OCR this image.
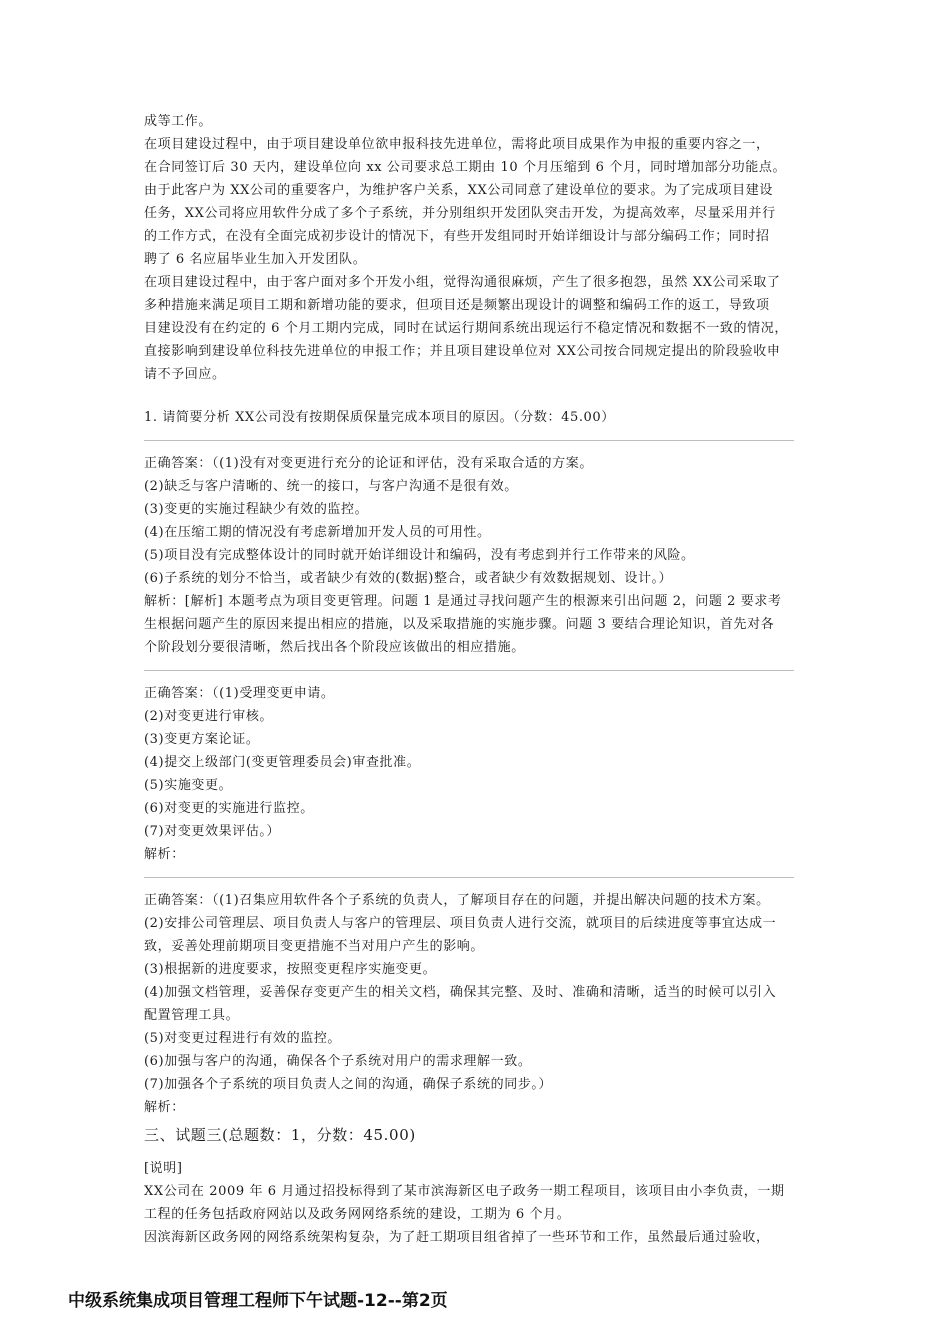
成等工作。
在项目建设过程中，由于项目建设单位欲申报科技先进单位，需将此项目成果作为申报的重要内容之一，
在合同签订后 30 天内，建设单位向 xx 公司要求总工期由 10 个月压缩到 6 个月，同时增加部分功能点。
由于此客户为 XX公司的重要客户，为维护客户关系，XX公司同意了建设单位的要求。为了完成项目建设
任务，XX公司将应用软件分成了多个子系统，并分别组织开发团队突击开发，为提高效率，尽量采用并行
的工作方式，在没有全面完成初步设计的情况下，有些开发组同时开始详细设计与部分编码工作；同时招
聘了 6 名应届毕业生加入开发团队。
在项目建设过程中，由于客户面对多个开发小组，觉得沟通很麻烦，产生了很多抱怨，虽然 XX公司采取了
多种措施来满足项目工期和新增功能的要求，但项目还是频繁出现设计的调整和编码工作的返工，导致项
目建设没有在约定的 6 个月工期内完成，同时在试运行期间系统出现运行不稳定情况和数据不一致的情况，
直接影响到建设单位科技先进单位的申报工作；并且项目建设单位对 XX公司按合同规定提出的阶段验收申
请不予回应。
1. 请简要分析 XX公司没有按期保质保量完成本项目的原因。（分数：45.00）
正确答案：（(1)没有对变更进行充分的论证和评估，没有采取合适的方案。
(2)缺乏与客户清晰的、统一的接口，与客户沟通不是很有效。
(3)变更的实施过程缺少有效的监控。
(4)在压缩工期的情况没有考虑新增加开发人员的可用性。
(5)项目没有完成整体设计的同时就开始详细设计和编码，没有考虑到并行工作带来的风险。
(6)子系统的划分不恰当，或者缺少有效的(数据)整合，或者缺少有效数据规划、设计。）
解析：[解析] 本题考点为项目变更管理。问题 1 是通过寻找问题产生的根源来引出问题 2，问题 2 要求考
生根据问题产生的原因来提出相应的措施，以及采取措施的实施步骤。问题 3 要结合理论知识，首先对各
个阶段划分要很清晰，然后找出各个阶段应该做出的相应措施。
正确答案：（(1)受理变更申请。
(2)对变更进行审核。
(3)变更方案论证。
(4)提交上级部门(变更管理委员会)审查批准。
(5)实施变更。
(6)对变更的实施进行监控。
(7)对变更效果评估。）
解析：
正确答案：（(1)召集应用软件各个子系统的负责人，了解项目存在的问题，并提出解决问题的技术方案。
(2)安排公司管理层、项目负责人与客户的管理层、项目负责人进行交流，就项目的后续进度等事宜达成一
致，妥善处理前期项目变更措施不当对用户产生的影响。
(3)根据新的进度要求，按照变更程序实施变更。
(4)加强文档管理，妥善保存变更产生的相关文档，确保其完整、及时、准确和清晰，适当的时候可以引入
配置管理工具。
(5)对变更过程进行有效的监控。
(6)加强与客户的沟通，确保各个子系统对用户的需求理解一致。
(7)加强各个子系统的项目负责人之间的沟通，确保子系统的同步。）
解析：
三、试题三(总题数：1，分数：45.00)
[说明]
XX公司在 2009 年 6 月通过招投标得到了某市滨海新区电子政务一期工程项目，该项目由小李负责，一期
工程的任务包括政府网站以及政务网网络系统的建设，工期为 6 个月。
因滨海新区政务网的网络系统架构复杂，为了赶工期项目组省掉了一些环节和工作，虽然最后通过验收，
中级系统集成项目管理工程师下午试题-12--第2页
